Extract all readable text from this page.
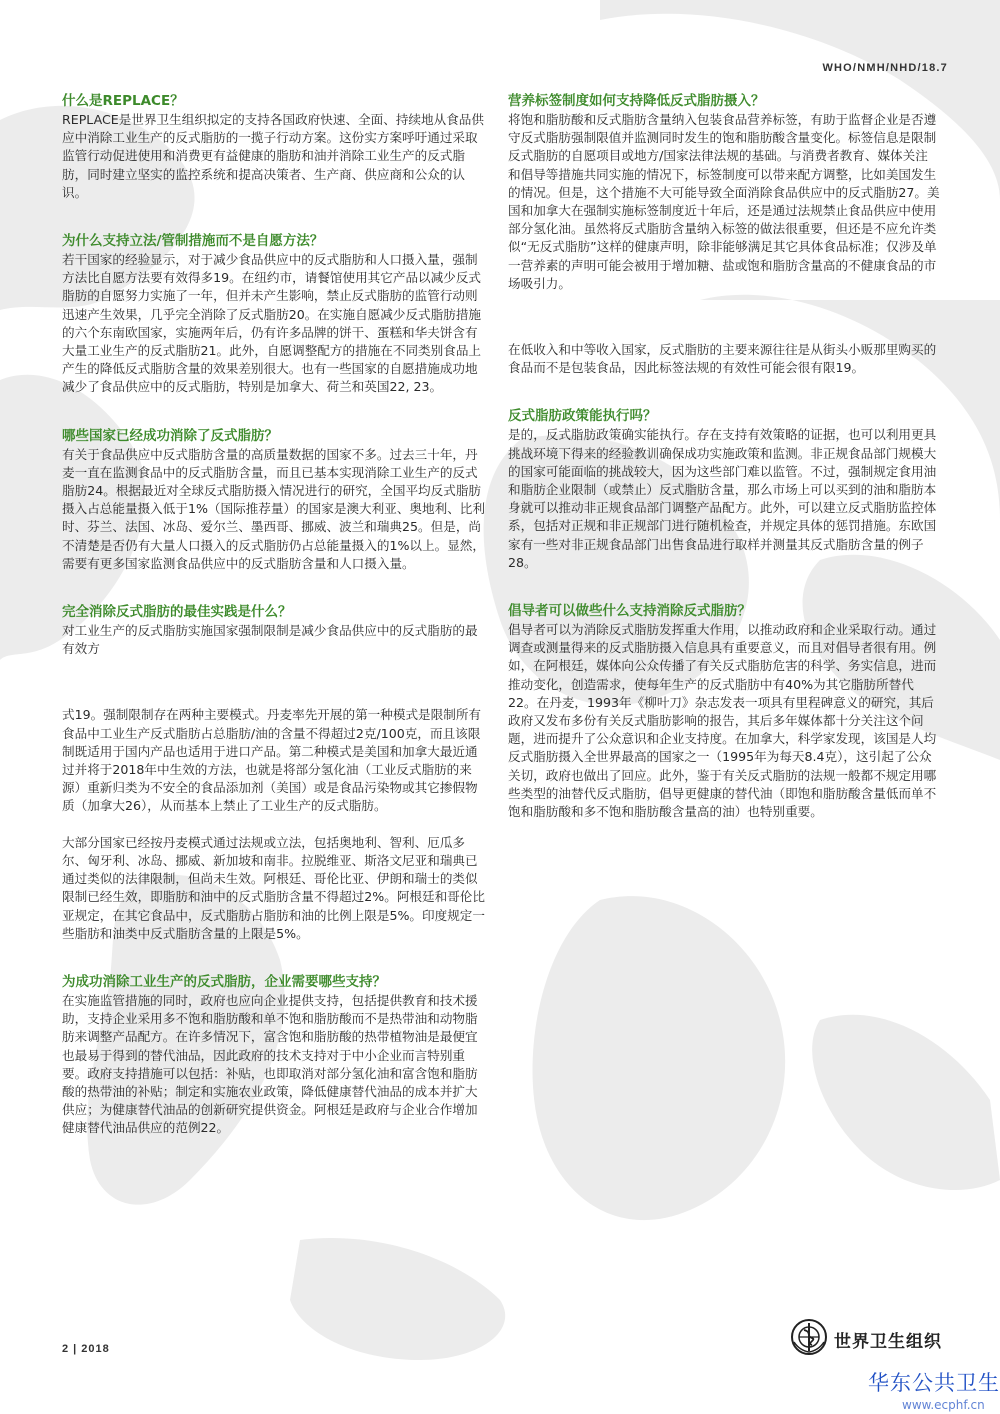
WHO/NMH/NHD/18.7
什么是REPLACE？

REPLACE是世界卫生组织拟定的支持各国政府快速、全面、持续地从食品供应中消除工业生产的反式脂肪的一揽子行动方案。这份实方案呼吁通过采取监管行动促进使用和消费更有益健康的脂肪和油并消除工业生产的反式脂肪，同时建立坚实的监控系统和提高决策者、生产商、供应商和公众的认识。

为什么支持立法/管制措施而不是自愿方法？

若干国家的经验显示，对于减少食品供应中的反式脂肪和人口摄入量，强制方法比自愿方法要有效得多19。在纽约市，请餐馆使用其它产品以减少反式脂肪的自愿努力实施了一年，但并未产生影响，禁止反式脂肪的监管行动则迅速产生效果，几乎完全消除了反式脂肪20。在实施自愿减少反式脂肪措施的六个东南欧国家，实施两年后，仍有许多品牌的饼干、蛋糕和华夫饼含有大量工业生产的反式脂肪21。此外，自愿调整配方的措施在不同类别食品上产生的降低反式脂肪含量的效果差别很大。也有一些国家的自愿措施成功地减少了食品供应中的反式脂肪，特别是加拿大、荷兰和英国22, 23。

哪些国家已经成功消除了反式脂肪？

有关于食品供应中反式脂肪含量的高质量数据的国家不多。过去三十年，丹麦一直在监测食品中的反式脂肪含量，而且已基本实现消除工业生产的反式脂肪24。根据最近对全球反式脂肪摄入情况进行的研究，全国平均反式脂肪摄入占总能量摄入低于1%（国际推荐量）的国家是澳大利亚、奥地利、比利时、芬兰、法国、冰岛、爱尔兰、墨西哥、挪威、波兰和瑞典25。但是，尚不清楚是否仍有大量人口摄入的反式脂肪仍占总能量摄入的1%以上。显然，需要有更多国家监测食品供应中的反式脂肪含量和人口摄入量。

完全消除反式脂肪的最佳实践是什么？

对工业生产的反式脂肪实施国家强制限制是减少食品供应中的反式脂肪的最有效方

式19。强制限制存在两种主要模式。丹麦率先开展的第一种模式是限制所有食品中工业生产反式脂肪占总脂肪/油的含量不得超过2克/100克，而且该限制既适用于国内产品也适用于进口产品。第二种模式是美国和加拿大最近通过并将于2018年中生效的方法，也就是将部分氢化油（工业反式脂肪的来源）重新归类为不安全的食品添加剂（美国）或是食品污染物或其它掺假物质（加拿大26），从而基本上禁止了工业生产的反式脂肪。

大部分国家已经按丹麦模式通过法规或立法，包括奥地利、智利、厄瓜多尔、匈牙利、冰岛、挪威、新加坡和南非。拉脱维亚、斯洛文尼亚和瑞典已通过类似的法律限制，但尚未生效。阿根廷、哥伦比亚、伊朗和瑞士的类似限制已经生效，即脂肪和油中的反式脂肪含量不得超过2%。阿根廷和哥伦比亚规定，在其它食品中，反式脂肪占脂肪和油的比例上限是5%。印度规定一些脂肪和油类中反式脂肪含量的上限是5%。

为成功消除工业生产的反式脂肪，企业需要哪些支持？

在实施监管措施的同时，政府也应向企业提供支持，包括提供教育和技术援助，支持企业采用多不饱和脂肪酸和单不饱和脂肪酸而不是热带油和动物脂肪来调整产品配方。在许多情况下，富含饱和脂肪酸的热带植物油是最便宜也最易于得到的替代油品，因此政府的技术支持对于中小企业而言特别重要。政府支持措施可以包括：补贴，也即取消对部分氢化油和富含饱和脂肪酸的热带油的补贴；制定和实施农业政策，降低健康替代油品的成本并扩大供应；为健康替代油品的创新研究提供资金。阿根廷是政府与企业合作增加健康替代油品供应的范例22。

营养标签制度如何支持降低反式脂肪摄入？

将饱和脂肪酸和反式脂肪含量纳入包装食品营养标签，有助于监督企业是否遵守反式脂肪强制限值并监测同时发生的饱和脂肪酸含量变化。标签信息是限制反式脂肪的自愿项目或地方/国家法律法规的基础。与消费者教育、媒体关注和倡导等措施共同实施的情况下，标签制度可以带来配方调整，比如美国发生的情况。但是，这个措施不大可能导致全面消除食品供应中的反式脂肪27。美国和加拿大在强制实施标签制度近十年后，还是通过法规禁止食品供应中使用部分氢化油。虽然将反式脂肪含量纳入标签的做法很重要，但还是不应允许类似“无反式脂肪”这样的健康声明，除非能够满足其它具体食品标准；仅涉及单一营养素的声明可能会被用于增加糖、盐或饱和脂肪含量高的不健康食品的市场吸引力。

在低收入和中等收入国家，反式脂肪的主要来源往往是从街头小贩那里购买的食品而不是包装食品，因此标签法规的有效性可能会很有限19。

反式脂肪政策能执行吗？

是的，反式脂肪政策确实能执行。存在支持有效策略的证据，也可以利用更具挑战环境下得来的经验教训确保成功实施政策和监测。非正规食品部门规模大的国家可能面临的挑战较大，因为这些部门难以监管。不过，强制规定食用油和脂肪企业限制（或禁止）反式脂肪含量，那么市场上可以买到的油和脂肪本身就可以推动非正规食品部门调整产品配方。此外，可以建立反式脂肪监控体系，包括对正规和非正规部门进行随机检查，并规定具体的惩罚措施。东欧国家有一些对非正规食品部门出售食品进行取样并测量其反式脂肪含量的例子28。

倡导者可以做些什么支持消除反式脂肪？

倡导者可以为消除反式脂肪发挥重大作用，以推动政府和企业采取行动。通过调查或测量得来的反式脂肪摄入信息具有重要意义，而且对倡导者很有用。例如，在阿根廷，媒体向公众传播了有关反式脂肪危害的科学、务实信息，进而推动变化，创造需求，使每年生产的反式脂肪中有40%为其它脂肪所替代22。在丹麦，1993年《柳叶刀》杂志发表一项具有里程碑意义的研究，其后政府又发布多份有关反式脂肪影响的报告，其后多年媒体都十分关注这个问题，进而提升了公众意识和企业支持度。在加拿大，科学家发现，该国是人均反式脂肪摄入全世界最高的国家之一（1995年为每天8.4克），这引起了公众关切，政府也做出了回应。此外，鉴于有关反式脂肪的法规一般都不规定用哪些类型的油替代反式脂肪，倡导更健康的替代油（即饱和脂肪酸含量低而单不饱和脂肪酸和多不饱和脂肪酸含量高的油）也特别重要。

2 | 2018	世界卫生组织
华东公共卫生
www.ecphf.cn
